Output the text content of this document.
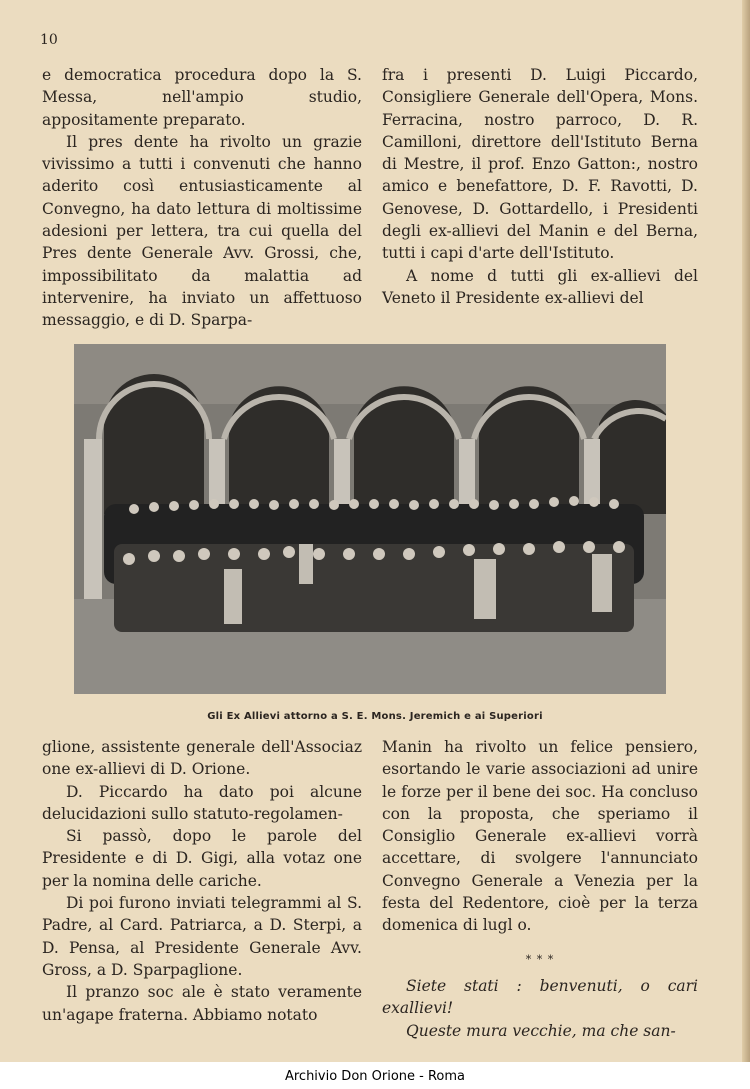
10

e democratica procedura dopo la S. Messa, nell'ampio studio, appositamente preparato.

Il pres dente ha rivolto un grazie vivissimo a tutti i convenuti che hanno aderito così entusiasticamente al Convegno, ha dato lettura di moltissime adesioni per lettera, tra cui quella del Pres dente Generale Avv. Grossi, che, impossibilitato da malattia ad intervenire, ha inviato un affettuoso messaggio, e di D. Sparpa-

fra i presenti D. Luigi Piccardo, Consigliere Generale dell'Opera, Mons. Ferracina, nostro parroco, D. R. Camilloni, direttore dell'Istituto Berna di Mestre, il prof. Enzo Gatton:, nostro amico e benefattore, D. F. Ravotti, D. Genovese, D. Gottardello, i Presidenti degli ex-allievi del Manin e del Berna, tutti i capi d'arte dell'Istituto.

A nome d tutti gli ex-allievi del Veneto il Presidente ex-allievi del

Gli Ex Allievi attorno a S. E. Mons. Jeremich e ai Superiori

glione, assistente generale dell'Associaz one ex-allievi di D. Orione.

D. Piccardo ha dato poi alcune delucidazioni sullo statuto-regolamen-

Si passò, dopo le parole del Presidente e di D. Gigi, alla votaz one per la nomina delle cariche.

Di poi furono inviati telegrammi al S. Padre, al Card. Patriarca, a D. Sterpi, a D. Pensa, al Presidente Generale Avv. Gross, a D. Sparpaglione.

Il pranzo soc ale è stato veramente un'agape fraterna. Abbiamo notato

Manin ha rivolto un felice pensiero, esortando le varie associazioni ad unire le forze per il bene dei soc. Ha concluso con la proposta, che speriamo il Consiglio Generale ex-allievi vorrà accettare, di svolgere l'annunciato Convegno Generale a Venezia per la festa del Redentore, cioè per la terza domenica di lugl o.

* * *

Siete stati : benvenuti, o cari exallievi!

Queste mura vecchie, ma che san-

Archivio Don Orione - Roma
